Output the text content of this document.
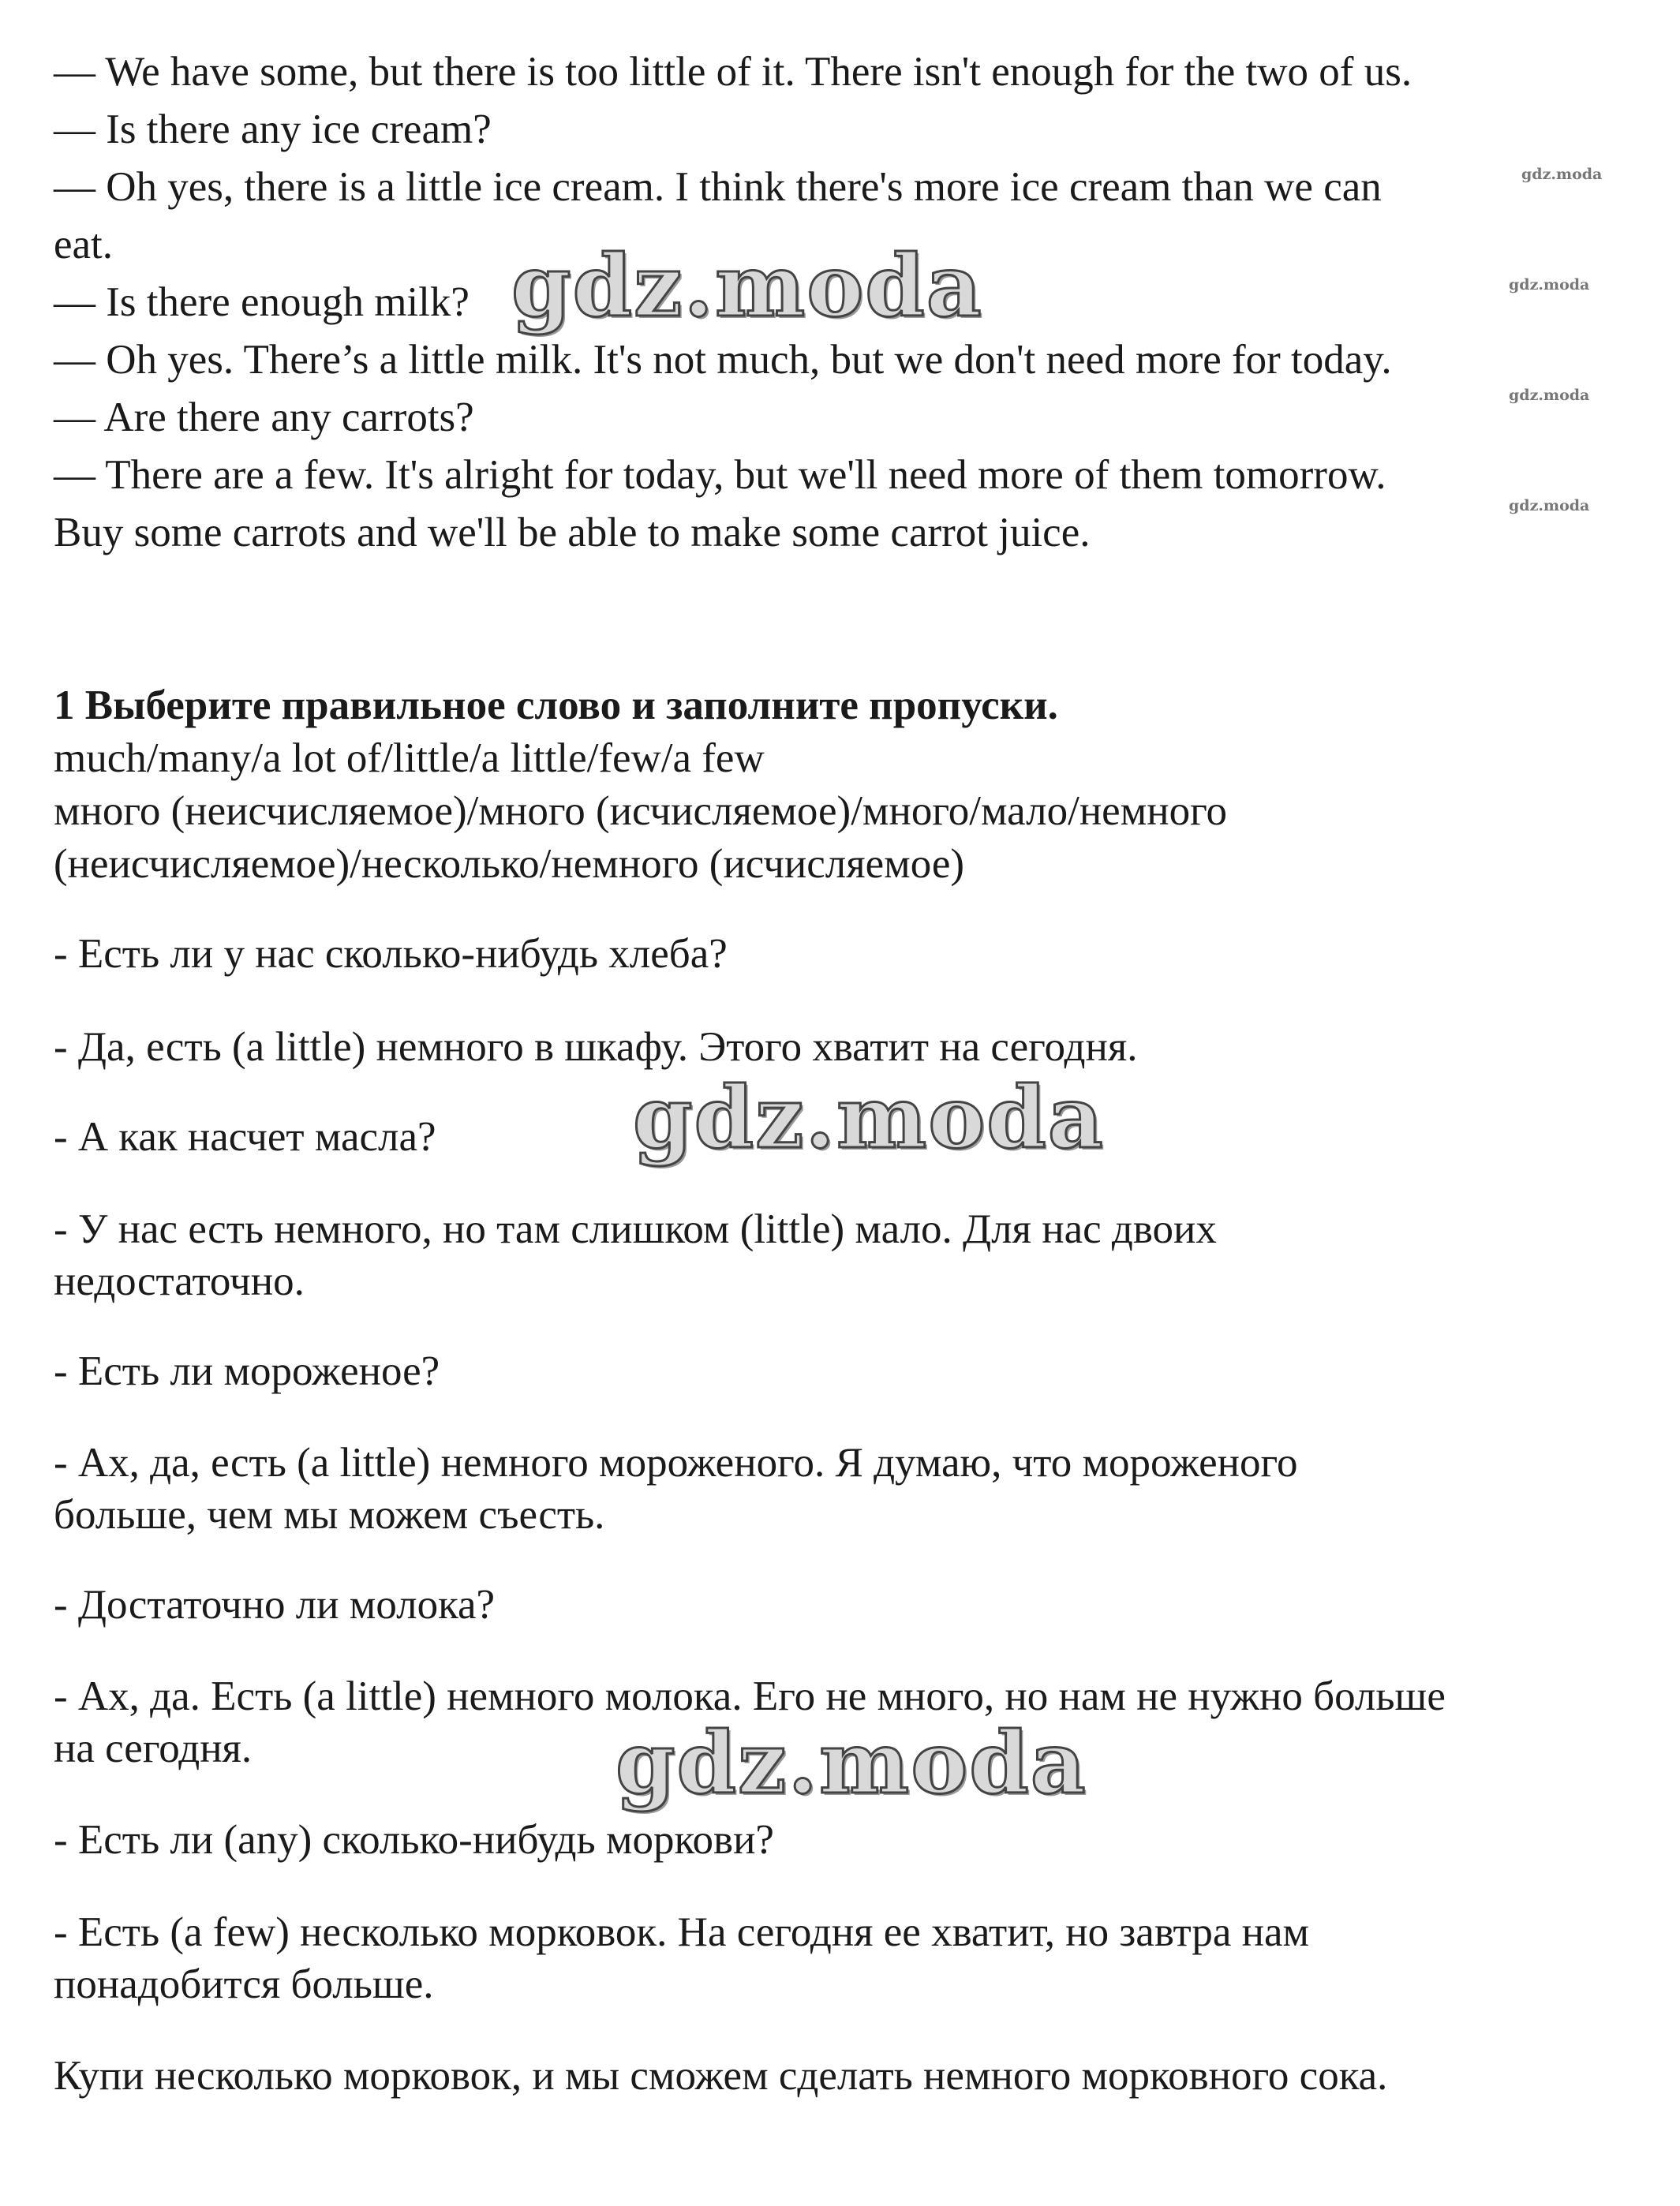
— We have some, but there is too little of it. There isn't enough for the two of us.
— Is there any ice cream?
— Oh yes, there is a little ice cream. I think there's more ice cream than we can
eat.
— Is there enough milk?
— Oh yes. There’s a little milk. It's not much, but we don't need more for today.
— Are there any carrots?
— There are a few. It's alright for today, but we'll need more of them tomorrow.
Buy some carrots and we'll be able to make some carrot juice.
1 Выберите правильное слово и заполните пропуски.
much/many/a lot of/little/a little/few/a few
много (неисчисляемое)/много (исчисляемое)/много/мало/немного
(неисчисляемое)/несколько/немного (исчисляемое)
- Есть ли у нас сколько-нибудь хлеба?
- Да, есть (a little) немного в шкафу. Этого хватит на сегодня.
- А как насчет масла?
- У нас есть немного, но там слишком (little) мало. Для нас двоих
недостаточно.
- Есть ли мороженое?
- Ах, да, есть (a little) немного мороженого. Я думаю, что мороженого
больше, чем мы можем съесть.
- Достаточно ли молока?
- Ах, да. Есть (a little) немного молока. Его не много, но нам не нужно больше
на сегодня.
- Есть ли (any) сколько-нибудь моркови?
- Есть (a few) несколько морковок. На сегодня ее хватит, но завтра нам
понадобится больше.
Купи несколько морковок, и мы сможем сделать немного морковного сока.
gdz.moda
gdz.moda
gdz.moda
gdz.moda
gdz.moda
gdz.moda
gdz.moda
